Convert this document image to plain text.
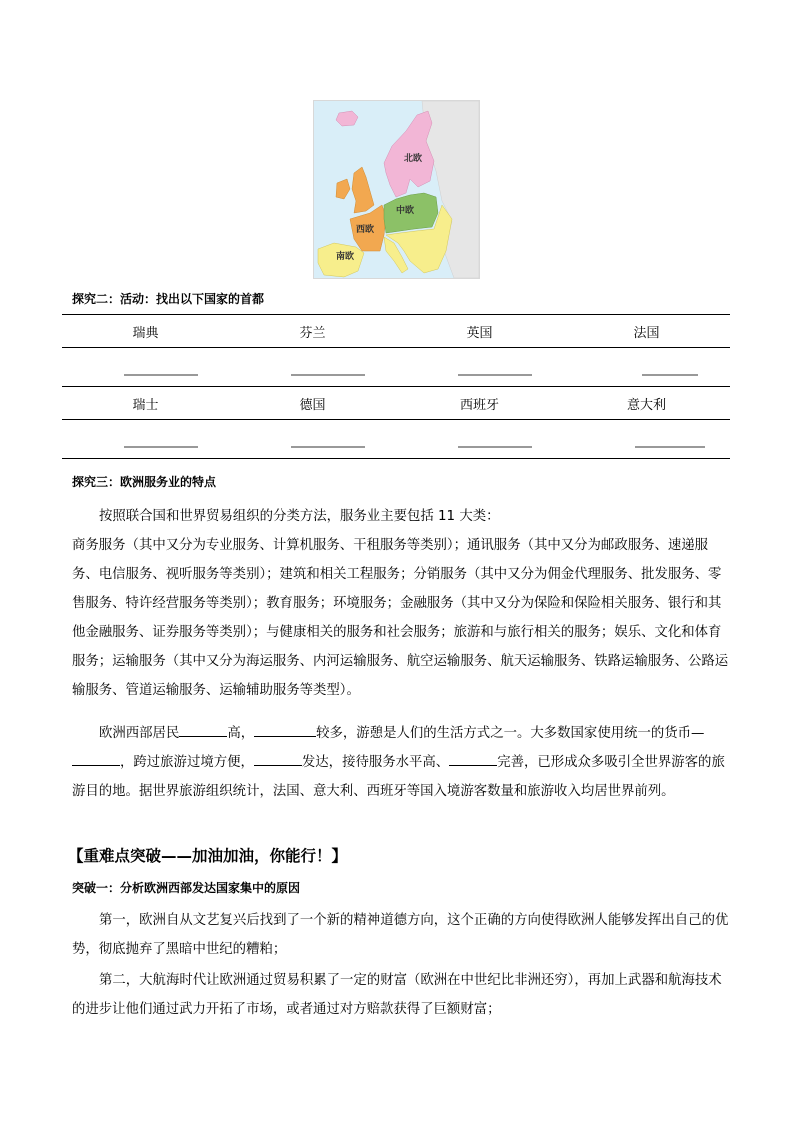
北欧
中欧
西欧
南欧
探究二：活动：找出以下国家的首都
瑞典	芬兰	英国	法国

瑞士	德国	西班牙	意大利

探究三：欧洲服务业的特点
按照联合国和世界贸易组织的分类方法，服务业主要包括 11 大类：
商务服务（其中又分为专业服务、计算机服务、干租服务等类别）；通讯服务（其中又分为邮政服务、速递服务、电信服务、视听服务等类别）；建筑和相关工程服务；分销服务（其中又分为佣金代理服务、批发服务、零售服务、特许经营服务等类别）；教育服务；环境服务；金融服务（其中又分为保险和保险相关服务、银行和其他金融服务、证券服务等类别）；与健康相关的服务和社会服务；旅游和与旅行相关的服务；娱乐、文化和体育服务；运输服务（其中又分为海运服务、内河运输服务、航空运输服务、航天运输服务、铁路运输服务、公路运输服务、管道运输服务、运输辅助服务等类型）。
欧洲西部居民	高，	较多，游憩是人们的生活方式之一。大多数国家使用统一的货币—，跨过旅游过境方便，	发达，接待服务水平高、	完善，已形成众多吸引全世界游客的旅游目的地。据世界旅游组织统计，法国、意大利、西班牙等国入境游客数量和旅游收入均居世界前列。
【重难点突破——加油加油，你能行！】
突破一：分析欧洲西部发达国家集中的原因
第一，欧洲自从文艺复兴后找到了一个新的精神道德方向，这个正确的方向使得欧洲人能够发挥出自己的优势，彻底抛弃了黑暗中世纪的糟粕；
第二，大航海时代让欧洲通过贸易积累了一定的财富（欧洲在中世纪比非洲还穷），再加上武器和航海技术的进步让他们通过武力开拓了市场，或者通过对方赔款获得了巨额财富；
